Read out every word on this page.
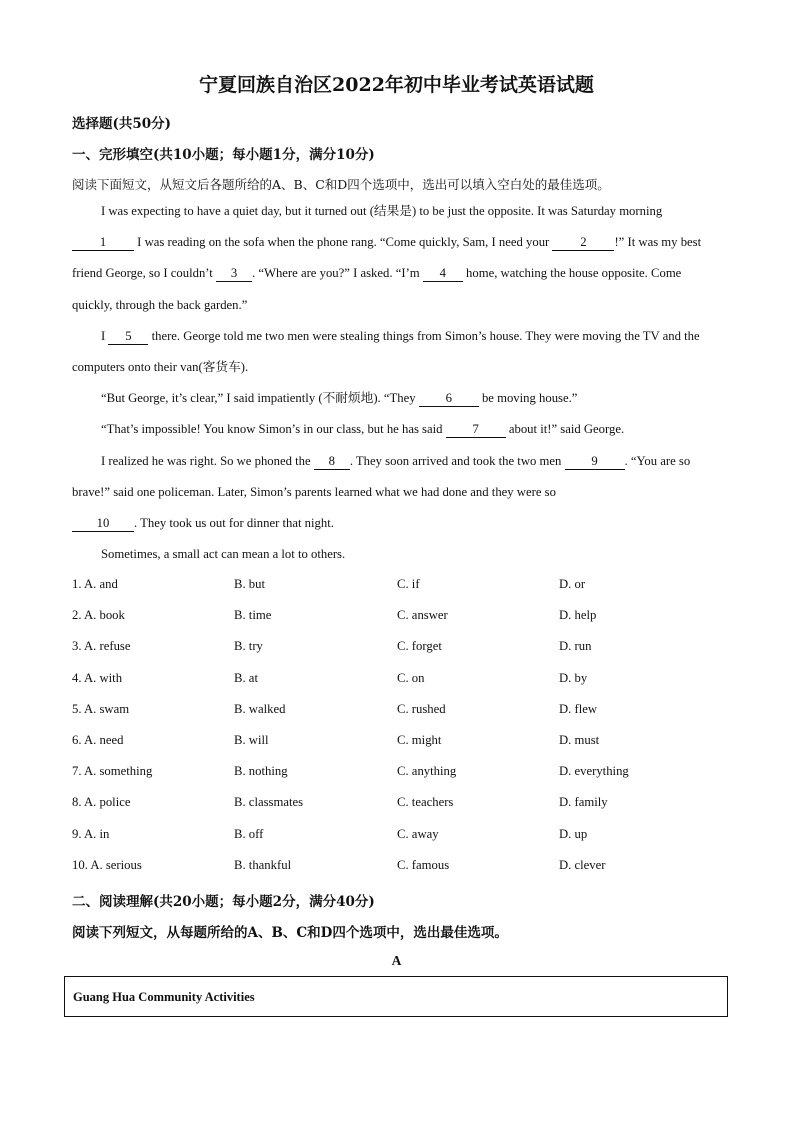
宁夏回族自治区2022年初中毕业考试英语试题
选择题(共50分)
一、完形填空(共10小题；每小题1分，满分10分)
阅读下面短文，从短文后各题所给的A、B、C和D四个选项中，选出可以填入空白处的最佳选项。

I was expecting to have a quiet day, but it turned out (结果是) to be just the opposite. It was Saturday morning
1 I was reading on the sofa when the phone rang. “Come quickly, Sam, I need your 2 !” It was my best friend George, so I couldn’t 3 . “Where are you?” I asked. “I’m 4 home, watching the house opposite. Come quickly, through the back garden.”

I 5 there. George told me two men were stealing things from Simon’s house. They were moving the TV and the computers onto their van(客货车).

“But George, it’s clear,” I said impatiently (不耐烦地). “They 6 be moving house.”

“That’s impossible! You know Simon’s in our class, but he has said 7 about it!” said George.

I realized he was right. So we phoned the 8 . They soon arrived and took the two men 9 . “You are so brave!” said one policeman. Later, Simon’s parents learned what we had done and they were so
10 . They took us out for dinner that night.

Sometimes, a small act can mean a lot to others.

1. A. and	B. but	C. if	D. or
2. A. book	B. time	C. answer	D. help
3. A. refuse	B. try	C. forget	D. run
4. A. with	B. at	C. on	D. by
5. A. swam	B. walked	C. rushed	D. flew
6. A. need	B. will	C. might	D. must
7. A. something	B. nothing	C. anything	D. everything
8. A. police	B. classmates	C. teachers	D. family
9. A. in	B. off	C. away	D. up
10. A. serious	B. thankful	C. famous	D. clever
二、阅读理解(共20小题；每小题2分，满分40分)
阅读下列短文，从每题所给的A、B、C和D四个选项中，选出最佳选项。
A
Guang Hua Community Activities
